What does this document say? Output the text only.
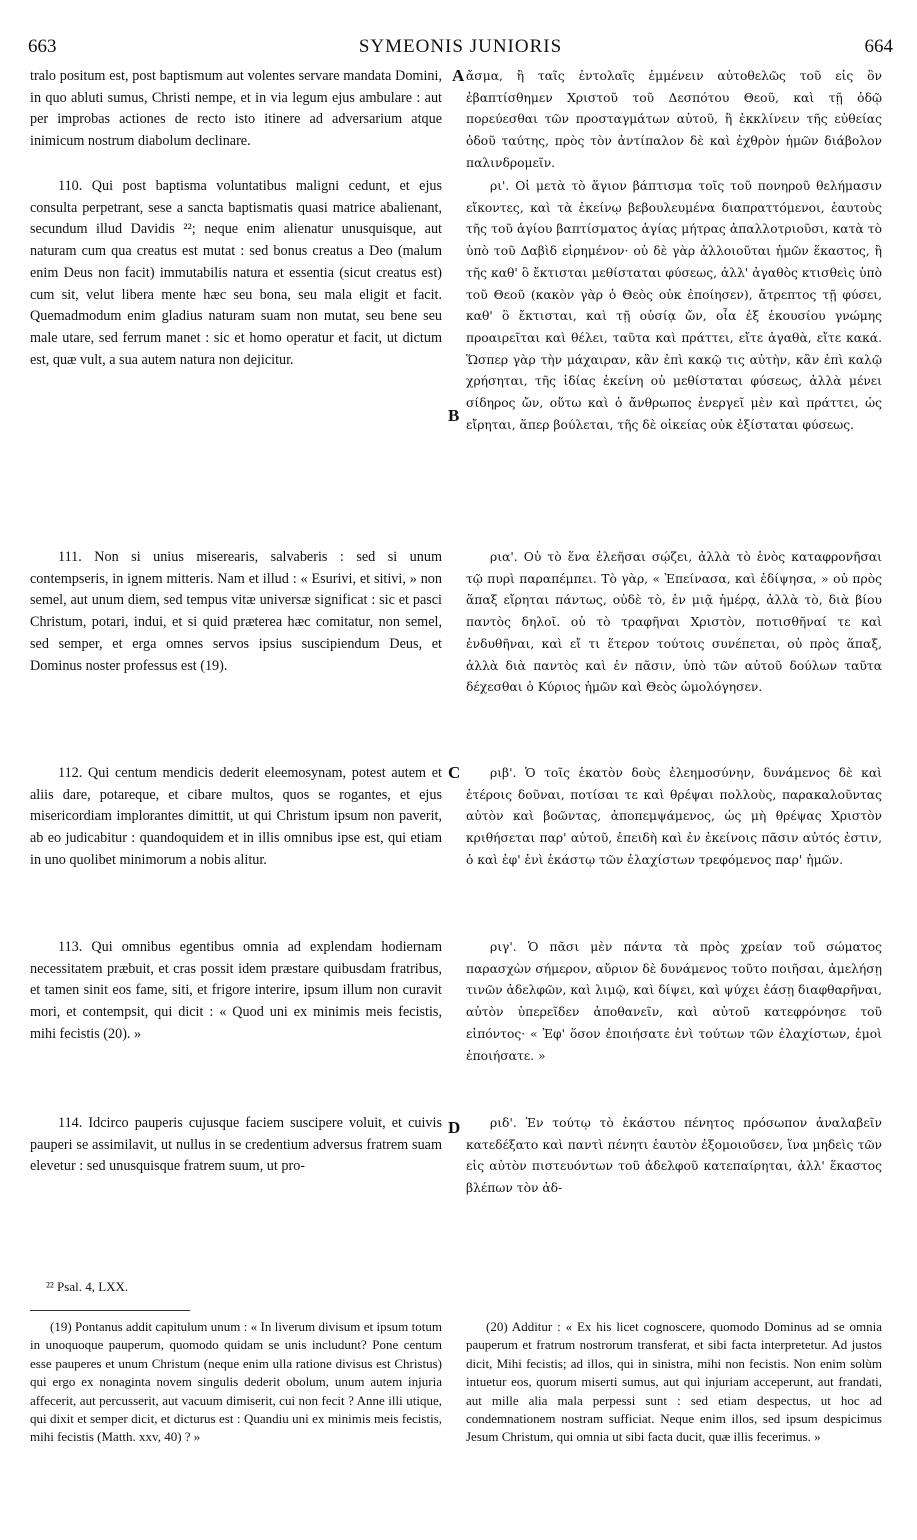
663	SYMEONIS JUNIORIS	664

tralo positum est, post baptismum aut volentes servare mandata Domini, in quo abluti sumus, Christi nempe, et in via legum ejus ambulare : aut per improbas actiones de recto isto itinere ad adversarium atque inimicum nostrum diabolum declinare.

110. Qui post baptisma voluntatibus maligni cedunt, et ejus consulta perpetrant, sese a sancta baptismatis quasi matrice abalienant, secundum illud Davidis ²²; neque enim alienatur unusquisque, aut naturam cum qua creatus est mutat : sed bonus creatus a Deo (malum enim Deus non facit) immutabilis natura et essentia (sicut creatus est) cum sit, velut libera mente hæc seu bona, seu mala eligit et facit. Quemadmodum enim gladius naturam suam non mutat, seu bene seu male utare, sed ferrum manet : sic et homo operatur et facit, ut dictum est, quæ vult, a sua autem natura non dejicitur.

111. Non si unius miserearis, salvaberis : sed si unum contempseris, in ignem mitteris. Nam et illud : « Esurivi, et sitivi, » non semel, aut unum diem, sed tempus vitæ universæ significat : sic et pasci Christum, potari, indui, et si quid præterea hæc comitatur, non semel, sed semper, et erga omnes servos ipsius suscipiendum Deus, et Dominus noster professus est (19).

112. Qui centum mendicis dederit eleemosynam, potest autem et aliis dare, potareque, et cibare multos, quos se rogantes, et ejus misericordiam implorantes dimittit, ut qui Christum ipsum non paverit, ab eo judicabitur : quandoquidem et in illis omnibus ipse est, qui etiam in uno quolibet minimorum a nobis alitur.

113. Qui omnibus egentibus omnia ad explendam hodiernam necessitatem præbuit, et cras possit idem præstare quibusdam fratribus, et tamen sinit eos fame, siti, et frigore interire, ipsum illum non curavit mori, et contempsit, qui dicit : « Quod uni ex minimis meis fecistis, mihi fecistis (20). »

114. Idcirco pauperis cujusque faciem suscipere voluit, et cuivis pauperi se assimilavit, ut nullus in se credentium adversus fratrem suam elevetur : sed unusquisque fratrem suum, ut pro-

A
B
C
D

ἄσμα, ἢ ταῖς ἐντολαῖς ἐμμένειν αὐτοθελῶς τοῦ εἰς ὃν ἐβαπτίσθημεν Χριστοῦ τοῦ Δεσπότου Θεοῦ, καὶ τῇ ὁδῷ πορεύεσθαι τῶν προσταγμάτων αὐτοῦ, ἢ ἐκκλίνειν τῆς εὐθείας ὁδοῦ ταύτης, πρὸς τὸν ἀντίπαλον δὲ καὶ ἐχθρὸν ἡμῶν διάβολον παλινδρομεῖν.

ρι'. Οἱ μετὰ τὸ ἅγιον βάπτισμα τοῖς τοῦ πονηροῦ θελήμασιν εἴκοντες, καὶ τὰ ἐκείνῳ βεβουλευμένα διαπραττόμενοι, ἑαυτοὺς τῆς τοῦ ἁγίου βαπτίσματος ἁγίας μήτρας ἀπαλλοτριοῦσι, κατὰ τὸ ὑπὸ τοῦ Δαβὶδ εἰρημένον· οὐ δὲ γὰρ ἀλλοιοῦται ἡμῶν ἕκαστος, ἢ τῆς καθ' ὃ ἔκτισται μεθίσταται φύσεως, ἀλλ' ἀγαθὸς κτισθεὶς ὑπὸ τοῦ Θεοῦ (κακὸν γὰρ ὁ Θεὸς οὐκ ἐποίησεν), ἄτρεπτος τῇ φύσει, καθ' ὃ ἔκτισται, καὶ τῇ οὐσίᾳ ὤν, οἷα ἐξ ἑκουσίου γνώμης προαιρεῖται καὶ θέλει, ταῦτα καὶ πράττει, εἴτε ἀγαθὰ, εἴτε κακά. Ὥσπερ γὰρ τὴν μάχαιραν, κἂν ἐπὶ κακῷ τις αὐτὴν, κἂν ἐπὶ καλῷ χρήσηται, τῆς ἰδίας ἐκείνη οὐ μεθίσταται φύσεως, ἀλλὰ μένει σίδηρος ὤν, οὕτω καὶ ὁ ἄνθρωπος ἐνεργεῖ μὲν καὶ πράττει, ὡς εἴρηται, ἅπερ βούλεται, τῆς δὲ οἰκείας οὐκ ἐξίσταται φύσεως.

ρια'. Οὐ τὸ ἕνα ἐλεῆσαι σῴζει, ἀλλὰ τὸ ἑνὸς καταφρονῆσαι τῷ πυρὶ παραπέμπει. Τὸ γὰρ, « Ἐπείνασα, καὶ ἐδίψησα, » οὐ πρὸς ἅπαξ εἴρηται πάντως, οὐδὲ τὸ, ἐν μιᾷ ἡμέρᾳ, ἀλλὰ τὸ, διὰ βίου παντὸς δηλοῖ. οὐ τὸ τραφῆναι Χριστὸν, ποτισθῆναί τε καὶ ἐνδυθῆναι, καὶ εἴ τι ἕτερον τούτοις συνέπεται, οὐ πρὸς ἅπαξ, ἀλλὰ διὰ παντὸς καὶ ἐν πᾶσιν, ὑπὸ τῶν αὐτοῦ δούλων ταῦτα δέχεσθαι ὁ Κύριος ἡμῶν καὶ Θεὸς ὡμολόγησεν.

ριβ'. Ὁ τοῖς ἑκατὸν δοὺς ἐλεημοσύνην, δυνάμενος δὲ καὶ ἑτέροις δοῦναι, ποτίσαι τε καὶ θρέψαι πολλοὺς, παρακαλοῦντας αὐτὸν καὶ βοῶντας, ἀποπεμψάμενος, ὡς μὴ θρέψας Χριστὸν κριθήσεται παρ' αὐτοῦ, ἐπειδὴ καὶ ἐν ἐκείνοις πᾶσιν αὐτός ἐστιν, ὁ καὶ ἐφ' ἑνὶ ἑκάστῳ τῶν ἐλαχίστων τρεφόμενος παρ' ἡμῶν.

ριγ'. Ὁ πᾶσι μὲν πάντα τὰ πρὸς χρείαν τοῦ σώματος παρασχὼν σήμερον, αὔριον δὲ δυνάμενος τοῦτο ποιῆσαι, ἀμελήσῃ τινῶν ἀδελφῶν, καὶ λιμῷ, καὶ δίψει, καὶ ψύχει ἐάσῃ διαφθαρῆναι, αὐτὸν ὑπερεῖδεν ἀποθανεῖν, καὶ αὐτοῦ κατεφρόνησε τοῦ εἰπόντος· « Ἐφ' ὅσον ἐποιήσατε ἑνὶ τούτων τῶν ἐλαχίστων, ἐμοὶ ἐποιήσατε. »

ριδ'. Ἐν τούτῳ τὸ ἑκάστου πένητος πρόσωπον ἀναλαβεῖν κατεδέξατο καὶ παντὶ πένητι ἑαυτὸν ἐξομοιοῦσεν, ἵνα μηδεὶς τῶν εἰς αὐτὸν πιστευόντων τοῦ ἀδελφοῦ κατεπαίρηται, ἀλλ' ἕκαστος βλέπων τὸν ἀδ-

²² Psal. 4, LXX.

(19) Pontanus addit capitulum unum : « In liverum divisum et ipsum totum in unoquoque pauperum, quomodo quidam se unis includunt? Pone centum esse pauperes et unum Christum (neque enim ulla ratione divisus est Christus) qui ergo ex nonaginta novem singulis dederit obolum, unum autem injuria affecerit, aut percusserit, aut vacuum dimiserit, cui non fecit ? Anne illi utique, qui dixit et semper dicit, et dicturus est : Quandiu uni ex minimis meis fecistis, mihi fecistis (Matth. xxv, 40) ? »

(20) Additur : « Ex his licet cognoscere, quomodo Dominus ad se omnia pauperum et fratrum nostrorum transferat, et sibi facta interpretetur. Ad justos dicit, Mihi fecistis; ad illos, qui in sinistra, mihi non fecistis. Non enim solùm intuetur eos, quorum miserti sumus, aut qui injuriam acceperunt, aut frandati, aut mille alia mala perpessi sunt : sed etiam despectus, ut hoc ad condemnationem nostram sufficiat. Neque enim illos, sed ipsum despicimus Jesum Christum, qui omnia ut sibi facta ducit, quæ illis fecerimus. »
